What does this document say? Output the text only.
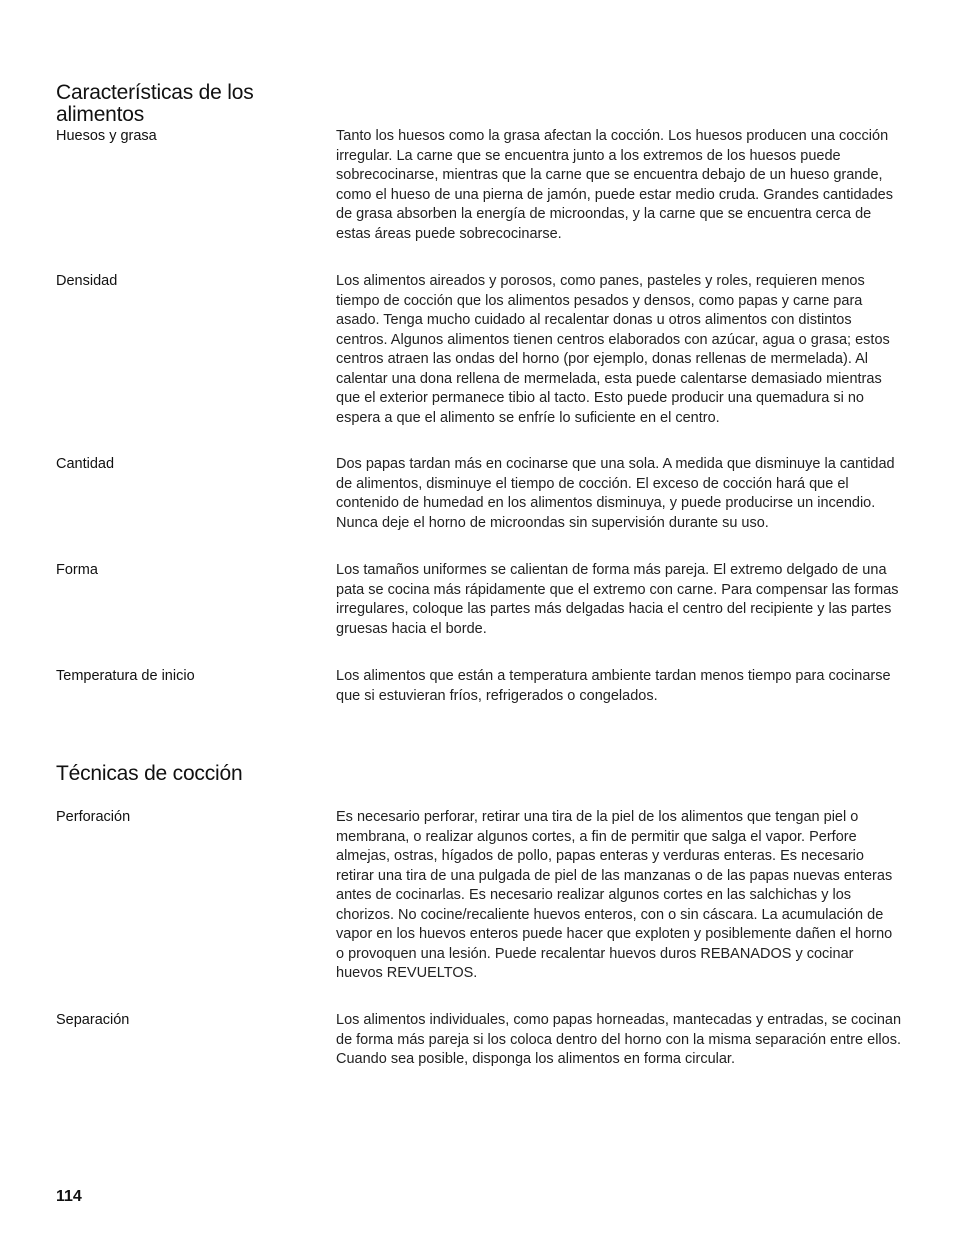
Características de los
alimentos
Huesos y grasa	Tanto los huesos como la grasa afectan la cocción. Los huesos producen una cocción irregular. La carne que se encuentra junto a los extremos de los huesos puede sobrecocinarse, mientras que la carne que se encuentra debajo de un hueso grande, como el hueso de una pierna de jamón, puede estar medio cruda. Grandes cantidades de grasa absorben la energía de microondas, y la carne que se encuentra cerca de estas áreas puede sobrecocinarse.

Densidad	Los alimentos aireados y porosos, como panes, pasteles y roles, requieren menos tiempo de cocción que los alimentos pesados y densos, como papas y carne para asado. Tenga mucho cuidado al recalentar donas u otros alimentos con distintos centros. Algunos alimentos tienen centros elaborados con azúcar, agua o grasa; estos centros atraen las ondas del horno (por ejemplo, donas rellenas de mermelada). Al calentar una dona rellena de mermelada, esta puede calentarse demasiado mientras que el exterior permanece tibio al tacto. Esto puede producir una quemadura si no espera a que el alimento se enfríe lo suficiente en el centro.

Cantidad	Dos papas tardan más en cocinarse que una sola. A medida que disminuye la cantidad de alimentos, disminuye el tiempo de cocción. El exceso de cocción hará que el contenido de humedad en los alimentos disminuya, y puede producirse un incendio. Nunca deje el horno de microondas sin supervisión durante su uso.

Forma	Los tamaños uniformes se calientan de forma más pareja. El extremo delgado de una pata se cocina más rápidamente que el extremo con carne. Para compensar las formas irregulares, coloque las partes más delgadas hacia el centro del recipiente y las partes gruesas hacia el borde.

Temperatura de inicio	Los alimentos que están a temperatura ambiente tardan menos tiempo para cocinarse que si estuvieran fríos, refrigerados o congelados.

Técnicas de cocción
Perforación	Es necesario perforar, retirar una tira de la piel de los alimentos que tengan piel o membrana, o realizar algunos cortes, a fin de permitir que salga el vapor. Perfore almejas, ostras, hígados de pollo, papas enteras y verduras enteras. Es necesario retirar una tira de una pulgada de piel de las manzanas o de las papas nuevas enteras antes de cocinarlas. Es necesario realizar algunos cortes en las salchichas y los chorizos. No cocine/recaliente huevos enteros, con o sin cáscara. La acumulación de vapor en los huevos enteros puede hacer que exploten y posiblemente dañen el horno o provoquen una lesión. Puede recalentar huevos duros REBANADOS y cocinar huevos REVUELTOS.

Separación	Los alimentos individuales, como papas horneadas, mantecadas y entradas, se cocinan de forma más pareja si los coloca dentro del horno con la misma separación entre ellos. Cuando sea posible, disponga los alimentos en forma circular.

114
